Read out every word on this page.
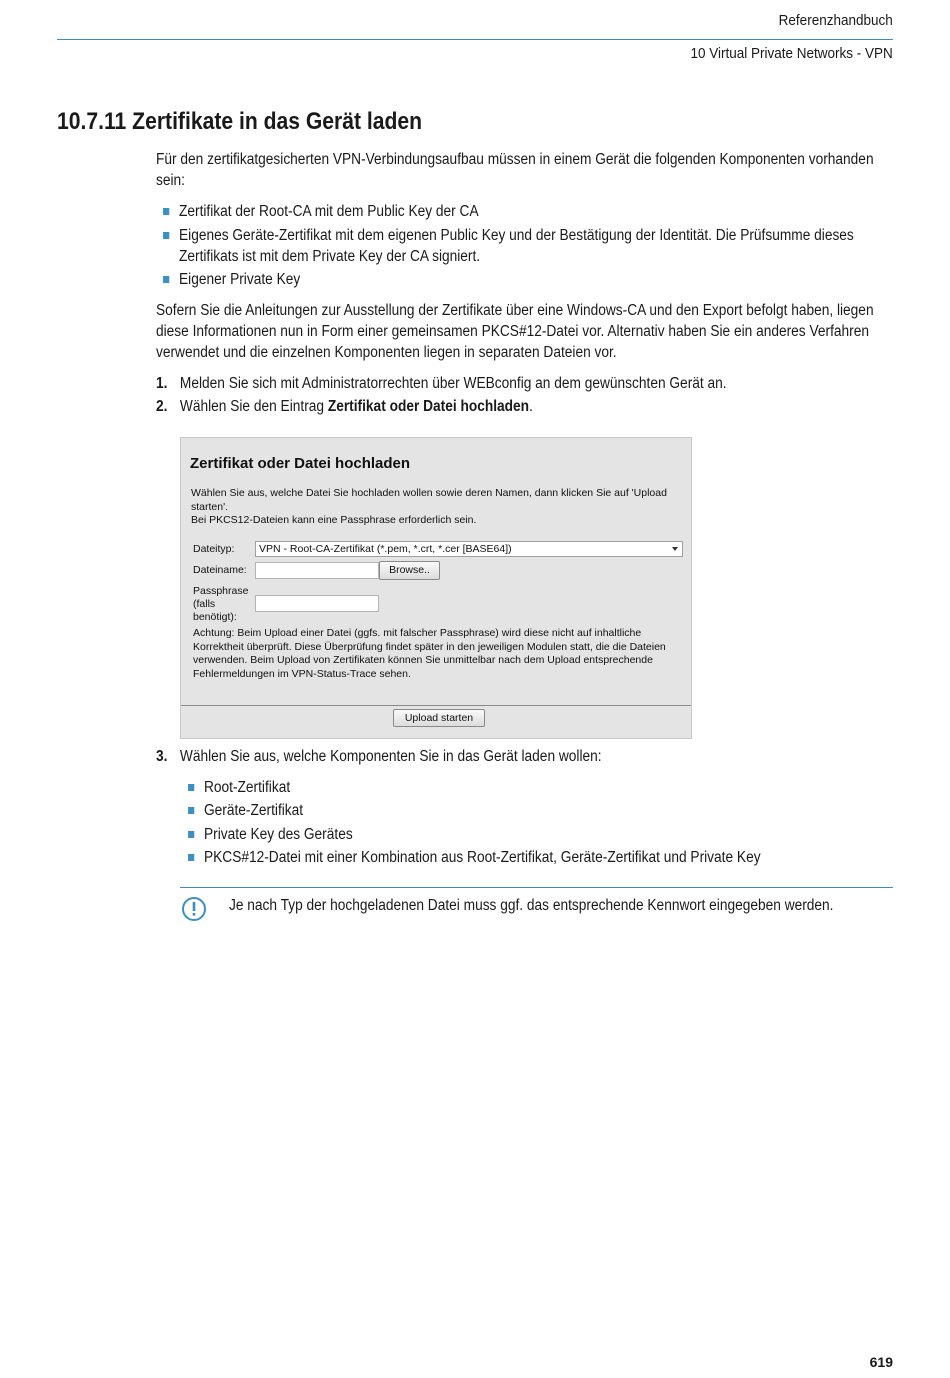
Referenzhandbuch
10 Virtual Private Networks - VPN
10.7.11 Zertifikate in das Gerät laden
Für den zertifikatgesicherten VPN-Verbindungsaufbau müssen in einem Gerät die folgenden Komponenten vorhanden sein:
Zertifikat der Root-CA mit dem Public Key der CA
Eigenes Geräte-Zertifikat mit dem eigenen Public Key und der Bestätigung der Identität. Die Prüfsumme dieses Zertifikats ist mit dem Private Key der CA signiert.
Eigener Private Key
Sofern Sie die Anleitungen zur Ausstellung der Zertifikate über eine Windows-CA und den Export befolgt haben, liegen diese Informationen nun in Form einer gemeinsamen PKCS#12-Datei vor. Alternativ haben Sie ein anderes Verfahren verwendet und die einzelnen Komponenten liegen in separaten Dateien vor.
1. Melden Sie sich mit Administratorrechten über WEBconfig an dem gewünschten Gerät an.
2. Wählen Sie den Eintrag Zertifikat oder Datei hochladen.
Zertifikat oder Datei hochladen
Wählen Sie aus, welche Datei Sie hochladen wollen sowie deren Namen, dann klicken Sie auf 'Upload starten'.
Bei PKCS12-Dateien kann eine Passphrase erforderlich sein.
Dateityp:	VPN - Root-CA-Zertifikat (*.pem, *.crt, *.cer [BASE64])
Dateiname:	Browse..
Passphrase
(falls
benötigt):
Achtung: Beim Upload einer Datei (ggfs. mit falscher Passphrase) wird diese nicht auf inhaltliche Korrektheit überprüft. Diese Überprüfung findet später in den jeweiligen Modulen statt, die die Dateien verwenden. Beim Upload von Zertifikaten können Sie unmittelbar nach dem Upload entsprechende Fehlermeldungen im VPN-Status-Trace sehen.
Upload starten
3. Wählen Sie aus, welche Komponenten Sie in das Gerät laden wollen:
Root-Zertifikat
Geräte-Zertifikat
Private Key des Gerätes
PKCS#12-Datei mit einer Kombination aus Root-Zertifikat, Geräte-Zertifikat und Private Key
Je nach Typ der hochgeladenen Datei muss ggf. das entsprechende Kennwort eingegeben werden.
619
